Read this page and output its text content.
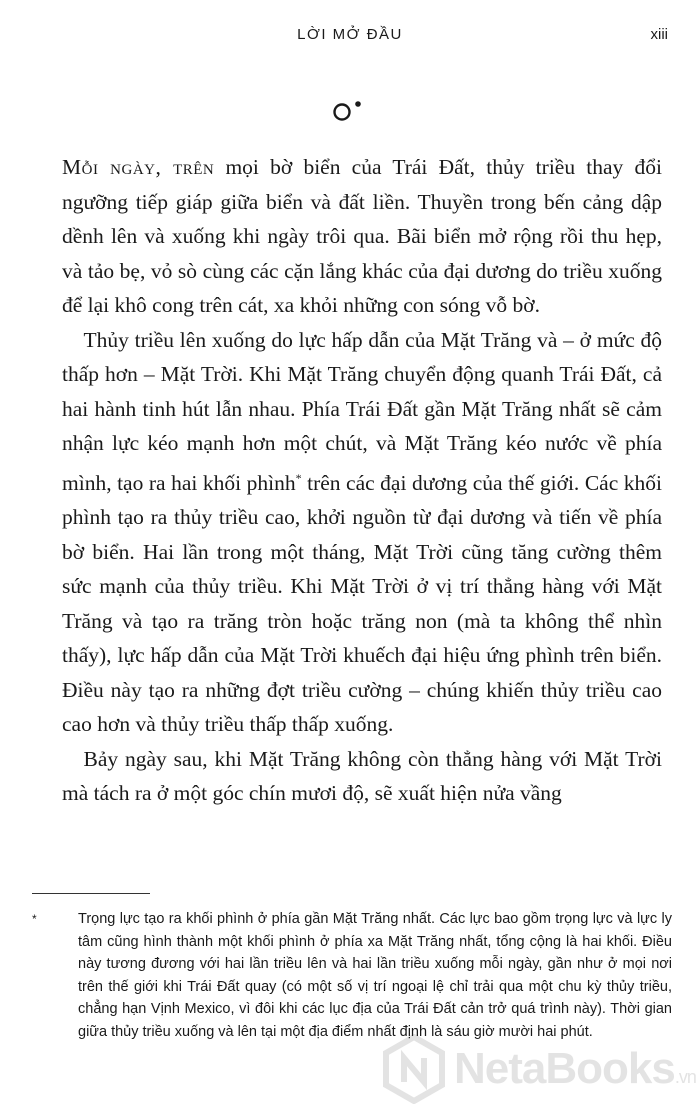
LỜI MỞ ĐẦU	xiii

Mỗi ngày, trên mọi bờ biển của Trái Đất, thủy triều thay đổi ngưỡng tiếp giáp giữa biển và đất liền. Thuyền trong bến cảng dập dềnh lên và xuống khi ngày trôi qua. Bãi biển mở rộng rồi thu hẹp, và tảo bẹ, vỏ sò cùng các cặn lắng khác của đại dương do triều xuống để lại khô cong trên cát, xa khỏi những con sóng vỗ bờ.

 Thủy triều lên xuống do lực hấp dẫn của Mặt Trăng và – ở mức độ thấp hơn – Mặt Trời. Khi Mặt Trăng chuyển động quanh Trái Đất, cả hai hành tinh hút lẫn nhau. Phía Trái Đất gần Mặt Trăng nhất sẽ cảm nhận lực kéo mạnh hơn một chút, và Mặt Trăng kéo nước về phía mình, tạo ra hai khối phình* trên các đại dương của thế giới. Các khối phình tạo ra thủy triều cao, khởi nguồn từ đại dương và tiến về phía bờ biển. Hai lần trong một tháng, Mặt Trời cũng tăng cường thêm sức mạnh của thủy triều. Khi Mặt Trời ở vị trí thẳng hàng với Mặt Trăng và tạo ra trăng tròn hoặc trăng non (mà ta không thể nhìn thấy), lực hấp dẫn của Mặt Trời khuếch đại hiệu ứng phình trên biển. Điều này tạo ra những đợt triều cường – chúng khiến thủy triều cao cao hơn và thủy triều thấp thấp xuống.

 Bảy ngày sau, khi Mặt Trăng không còn thẳng hàng với Mặt Trời mà tách ra ở một góc chín mươi độ, sẽ xuất hiện nửa vầng

*	Trọng lực tạo ra khối phình ở phía gần Mặt Trăng nhất. Các lực bao gồm trọng lực và lực ly tâm cũng hình thành một khối phình ở phía xa Mặt Trăng nhất, tổng cộng là hai khối. Điều này tương đương với hai lần triều lên và hai lần triều xuống mỗi ngày, gần như ở mọi nơi trên thế giới khi Trái Đất quay (có một số vị trí ngoại lệ chỉ trải qua một chu kỳ thủy triều, chẳng hạn Vịnh Mexico, vì đôi khi các lục địa của Trái Đất cản trở quá trình này). Thời gian giữa thủy triều xuống và lên tại một địa điểm nhất định là sáu giờ mười hai phút.
NetaBooks.vn
